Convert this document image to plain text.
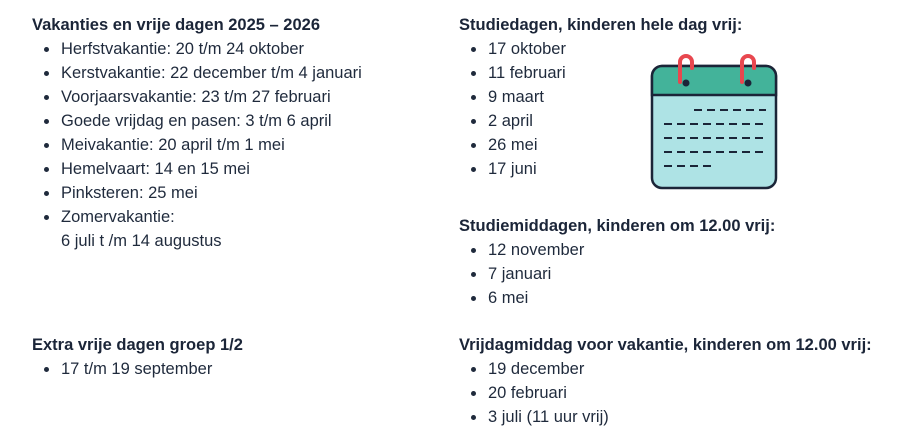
Vakanties en vrije dagen 2025 – 2026
Herfstvakantie: 20 t/m 24 oktober
Kerstvakantie: 22 december t/m 4 januari
Voorjaarsvakantie: 23 t/m 27 februari
Goede vrijdag en pasen: 3 t/m 6 april
Meivakantie: 20 april t/m 1 mei
Hemelvaart: 14 en 15 mei
Pinksteren: 25 mei
Zomervakantie:
6 juli t /m 14 augustus
Extra vrije dagen groep 1/2
17 t/m 19 september
Studiedagen, kinderen hele dag vrij:
17 oktober
11 februari
9 maart
2 april
26 mei
17 juni
Studiemiddagen, kinderen om 12.00 vrij:
12 november
7 januari
6 mei
Vrijdagmiddag voor vakantie, kinderen om 12.00 vrij:
19 december
20 februari
3 juli (11 uur vrij)
